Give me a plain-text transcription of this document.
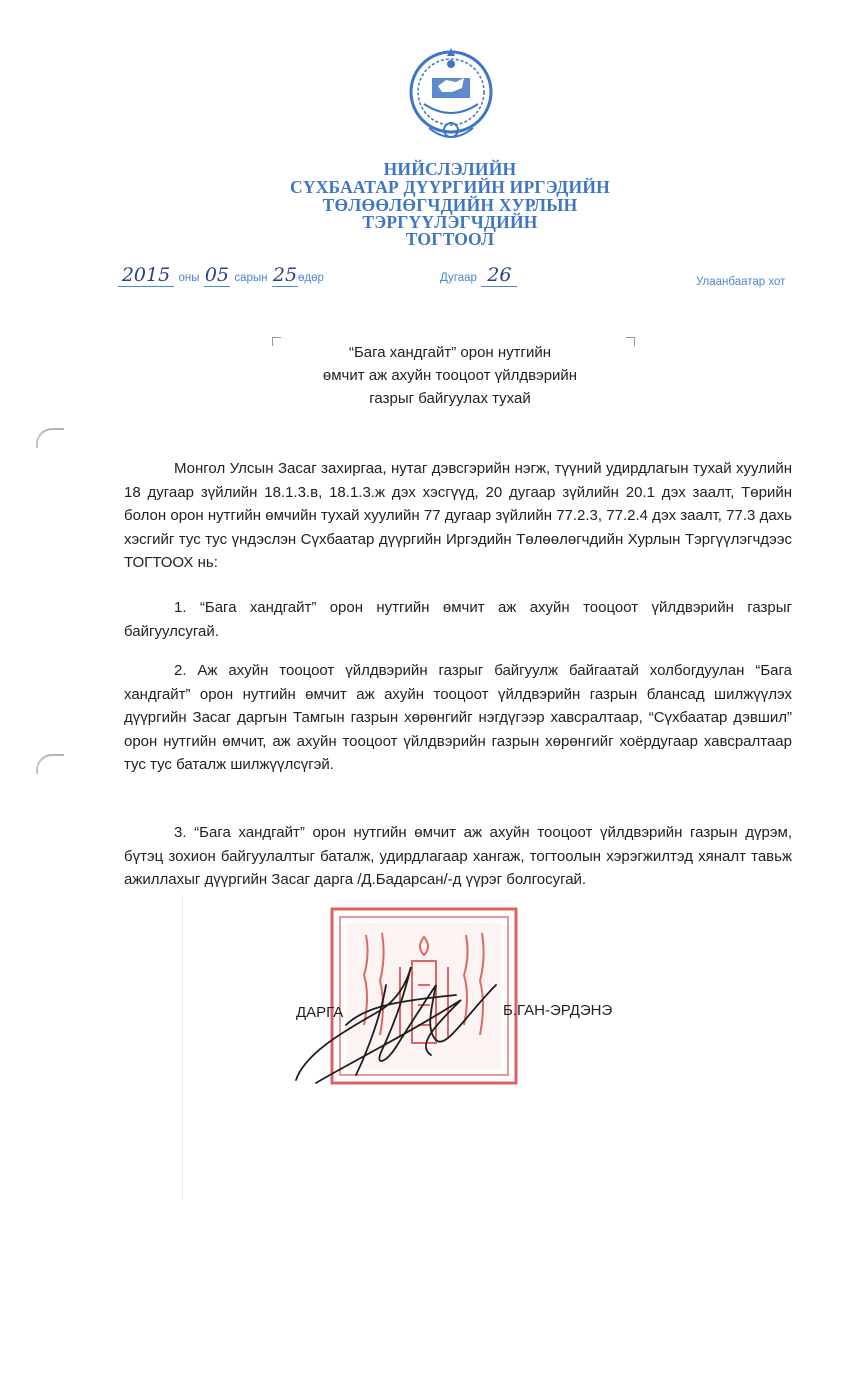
НИЙСЛЭЛИЙН
СҮХБААТАР ДҮҮРГИЙН ИРГЭДИЙН
ТӨЛӨӨЛӨГЧДИЙН ХУРЛЫН
ТЭРГҮҮЛЭГЧДИЙН
ТОГТООЛ
2015 оны 05 сарын 25өдөр	Дугаар 26	Улаанбаатар хот
“Бага хандгайт” орон нутгийн
өмчит аж ахуйн тооцоот үйлдвэрийн
газрыг байгуулах тухай

Монгол Улсын Засаг захиргаа, нутаг дэвсгэрийн нэгж, түүний удирдлагын тухай хуулийн 18 дугаар зүйлийн 18.1.3.в, 18.1.3.ж дэх хэсгүүд, 20 дугаар зүйлийн 20.1 дэх заалт, Төрийн болон орон нутгийн өмчийн тухай хуулийн 77 дугаар зүйлийн 77.2.3, 77.2.4 дэх заалт, 77.3 дахь хэсгийг тус тус үндэслэн Сүхбаатар дүүргийн Иргэдийн Төлөөлөгчдийн Хурлын Тэргүүлэгчдээс ТОГТООХ нь:

1. “Бага хандгайт” орон нутгийн өмчит аж ахуйн тооцоот үйлдвэрийн газрыг байгуулсугай.

2. Аж ахуйн тооцоот үйлдвэрийн газрыг байгуулж байгаатай холбогдуулан “Бага хандгайт” орон нутгийн өмчит аж ахуйн тооцоот үйлдвэрийн газрын блансад шилжүүлэх дүүргийн Засаг даргын Тамгын газрын хөрөнгийг нэгдүгээр хавсралтаар, “Сүхбаатар дэвшил” орон нутгийн өмчит, аж ахуйн тооцоот үйлдвэрийн газрын хөрөнгийг хоёрдугаар хавсралтаар тус тус баталж шилжүүлсүгэй.

3. “Бага хандгайт” орон нутгийн өмчит аж ахуйн тооцоот үйлдвэрийн газрын дүрэм, бүтэц зохион байгуулалтыг баталж, удирдлагаар хангаж, тогтоолын хэрэгжилтэд хяналт тавьж ажиллахыг дүүргийн Засаг дарга /Д.Бадарсан/-д үүрэг болгосугай.

ДАРГА	Б.ГАН-ЭРДЭНЭ
